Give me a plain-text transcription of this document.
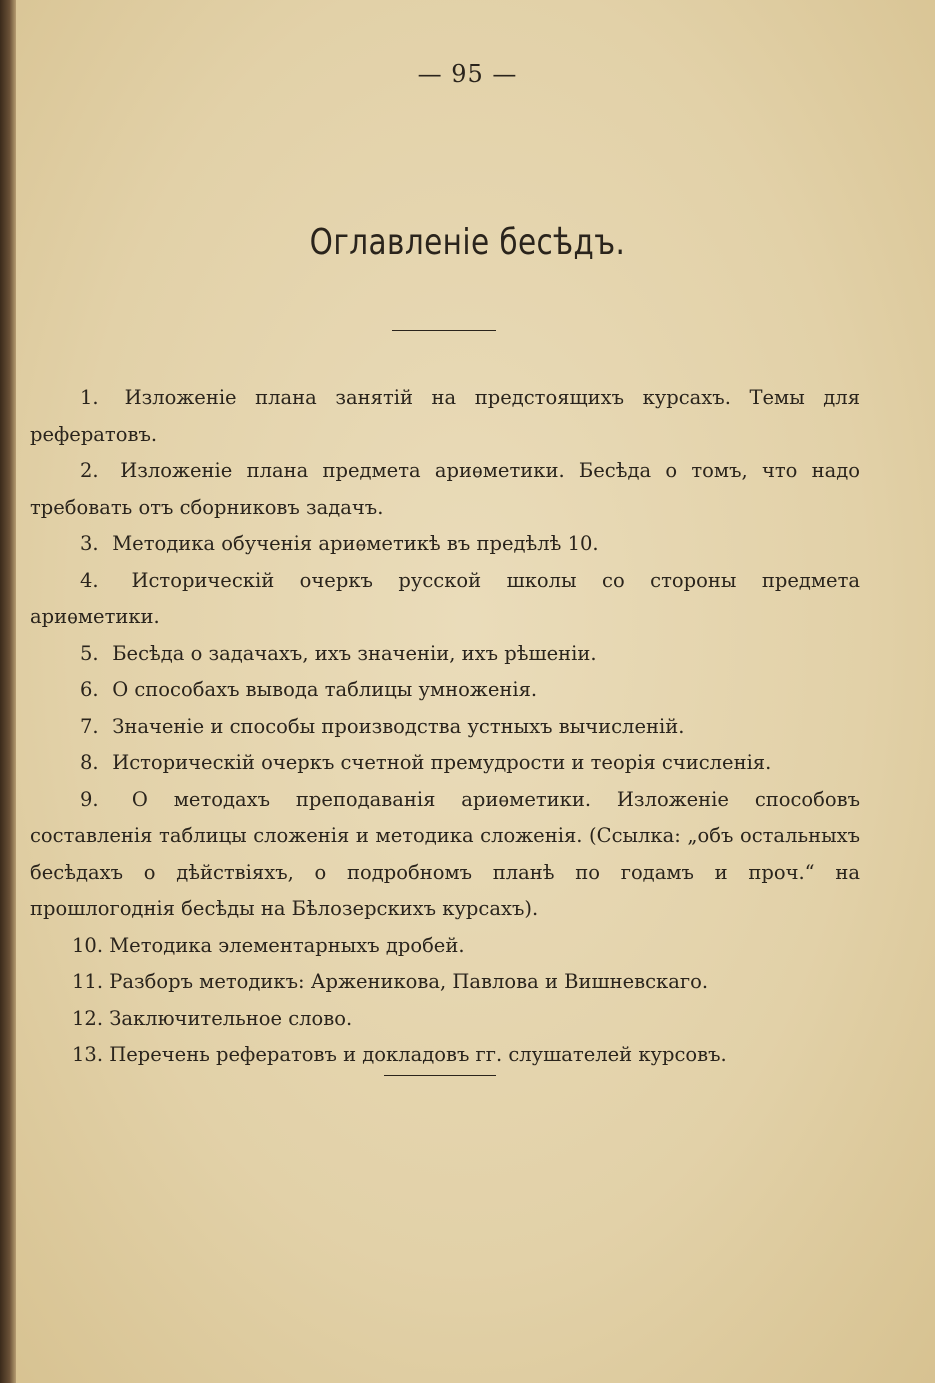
— 95 —
Оглавленіе бесѣдъ.
1. Изложеніе плана занятій на предстоящихъ курсахъ. Темы для рефератовъ.
2. Изложеніе плана предмета ариѳметики. Бесѣда о томъ, что надо требовать отъ сборниковъ задачъ.
3. Методика обученія ариѳметикѣ въ предѣлѣ 10.
4. Историческій очеркъ русской школы со стороны предмета ариѳметики.
5. Бесѣда о задачахъ, ихъ значеніи, ихъ рѣшеніи.
6. О способахъ вывода таблицы умноженія.
7. Значеніе и способы производства устныхъ вычисленій.
8. Историческій очеркъ счетной премудрости и теорія счисленія.
9. О методахъ преподаванія ариѳметики. Изложеніе способовъ составленія таблицы сложенія и методика сложенія. (Ссылка: „объ остальныхъ бесѣдахъ о дѣйствіяхъ, о подробномъ планѣ по годамъ и проч.“ на прошлогоднія бесѣды на Бѣлозерскихъ курсахъ).
10. Методика элементарныхъ дробей.
11. Разборъ методикъ: Арженикова, Павлова и Вишневскаго.
12. Заключительное слово.
13. Перечень рефератовъ и докладовъ гг. слушателей курсовъ.
